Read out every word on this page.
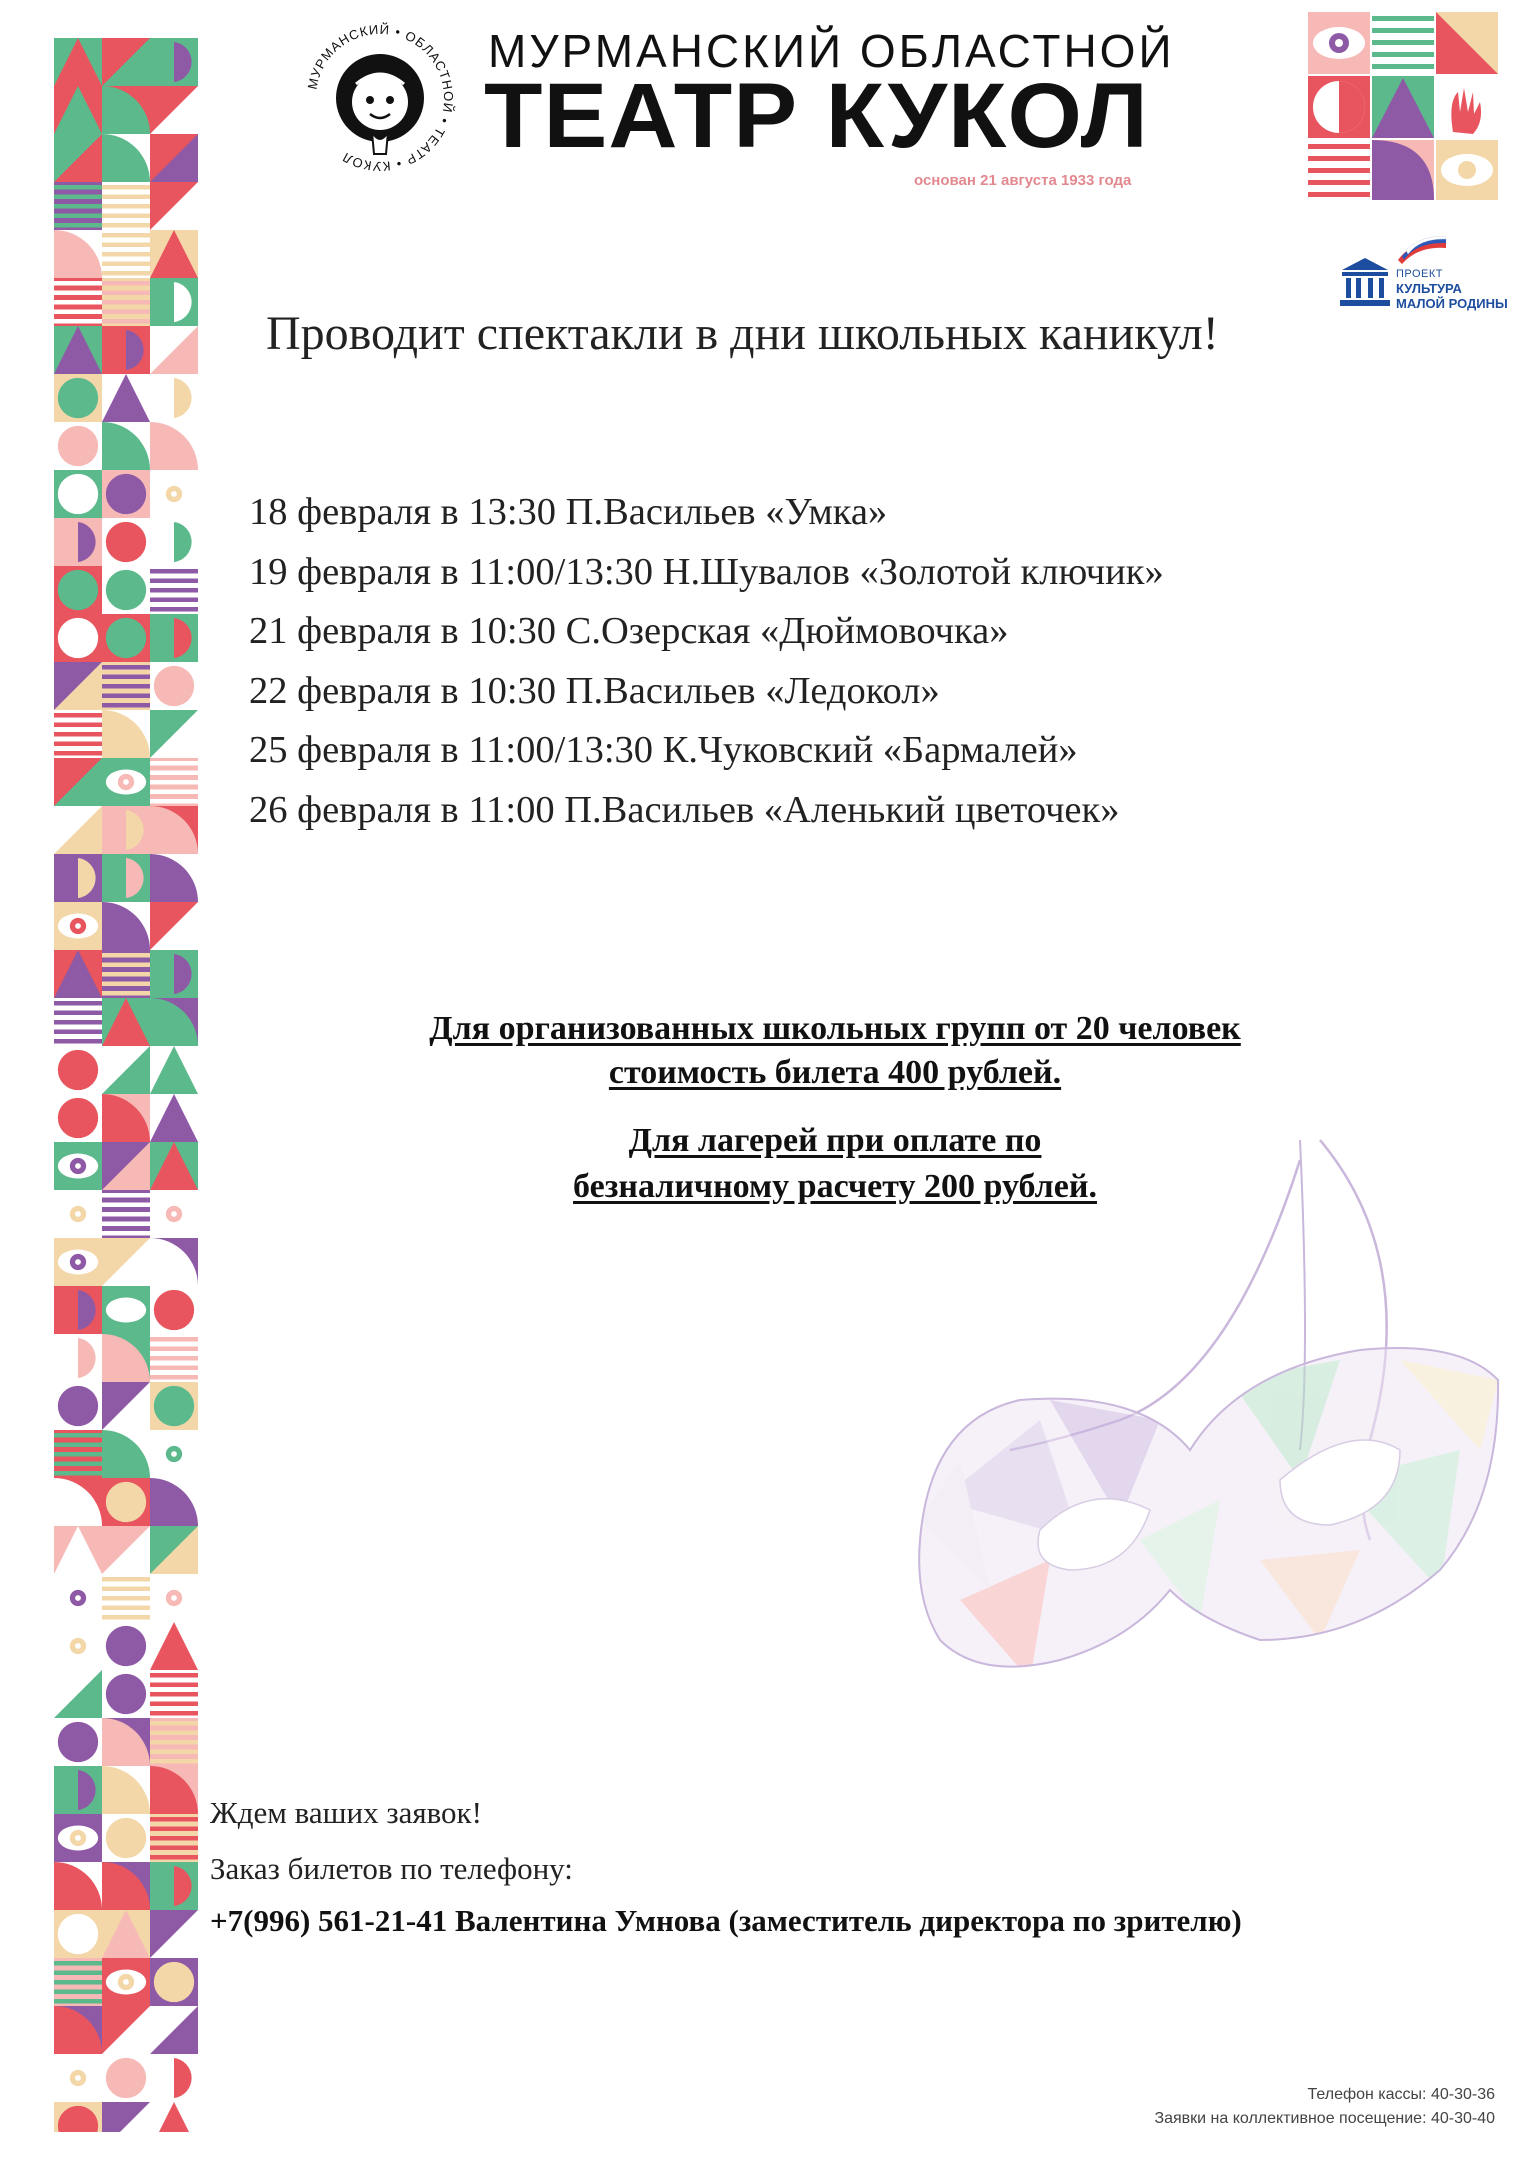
МУРМАНСКИЙ • ОБЛАСТНОЙ • ТЕАТР • КУКОЛ
МУРМАНСКИЙ ОБЛАСТНОЙ
ТЕАТР КУКОЛ
основан 21 августа 1933 года
ПРОЕКТ
КУЛЬТУРА
МАЛОЙ РОДИНЫ
Проводит спектакли в дни школьных каникул!
18 февраля в 13:30 П.Васильев «Умка»
19 февраля в 11:00/13:30 Н.Шувалов «Золотой ключик»
21 февраля в 10:30 С.Озерская «Дюймовочка»
22 февраля в 10:30 П.Васильев «Ледокол»
25 февраля в 11:00/13:30 К.Чуковский «Бармалей»
26 февраля в 11:00 П.Васильев «Аленький цветочек»
Для организованных школьных групп от 20 человек
стоимость билета 400 рублей.
Для лагерей при оплате по
безналичному расчету 200 рублей.
Ждем ваших заявок!
Заказ билетов по телефону:
+7(996) 561-21-41 Валентина Умнова (заместитель директора по зрителю)
Телефон кассы: 40-30-36
Заявки на коллективное посещение: 40-30-40
